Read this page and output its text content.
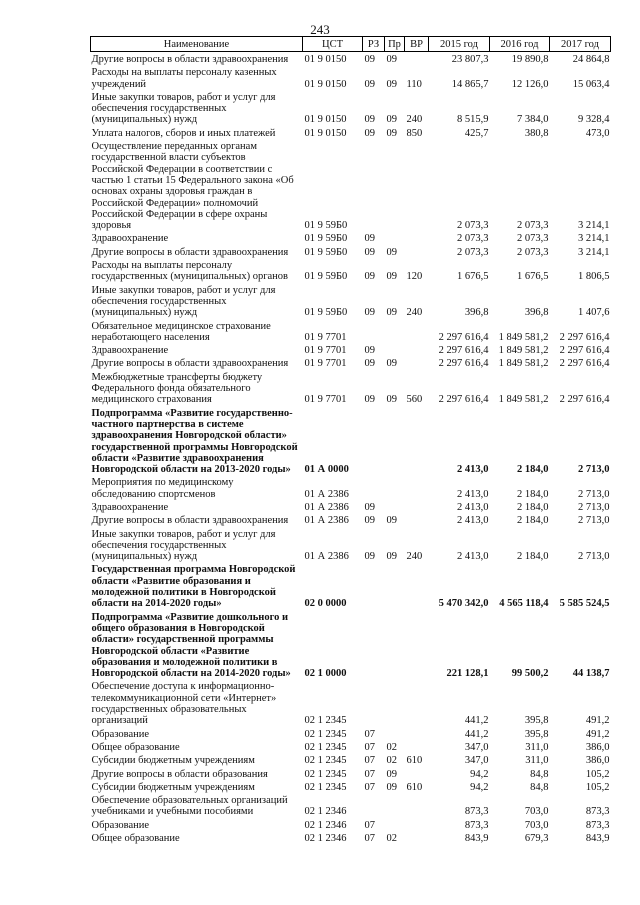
243
Наименование	ЦСТ	РЗ	Пр	ВР	2015 год	2016 год	2017 год
Другие вопросы в области здравоохранения	01 9 0150	09	09		23 807,3	19 890,8	24 864,8
Расходы на выплаты персоналу казенных учреждений	01 9 0150	09	09	110	14 865,7	12 126,0	15 063,4
Иные закупки товаров, работ и услуг для обеспечения государственных (муниципальных) нужд	01 9 0150	09	09	240	8 515,9	7 384,0	9 328,4
Уплата налогов, сборов и иных платежей	01 9 0150	09	09	850	425,7	380,8	473,0
Осуществление переданных органам государственной власти субъектов Российской Федерации в соответствии с частью 1 статьи 15 Федерального закона «Об основах охраны здоровья граждан в Российской Федерации» полномочий Российской Федерации в сфере охраны здоровья	01 9 59Б0				2 073,3	2 073,3	3 214,1
Здравоохранение	01 9 59Б0	09			2 073,3	2 073,3	3 214,1
Другие вопросы в области здравоохранения	01 9 59Б0	09	09		2 073,3	2 073,3	3 214,1
Расходы на выплаты персоналу государственных (муниципальных) органов	01 9 59Б0	09	09	120	1 676,5	1 676,5	1 806,5
Иные закупки товаров, работ и услуг для обеспечения государственных (муниципальных) нужд	01 9 59Б0	09	09	240	396,8	396,8	1 407,6
Обязательное медицинское страхование неработающего населения	01 9 7701				2 297 616,4	1 849 581,2	2 297 616,4
Здравоохранение	01 9 7701	09			2 297 616,4	1 849 581,2	2 297 616,4
Другие вопросы в области здравоохранения	01 9 7701	09	09		2 297 616,4	1 849 581,2	2 297 616,4
Межбюджетные трансферты бюджету Федерального фонда обязательного медицинского страхования	01 9 7701	09	09	560	2 297 616,4	1 849 581,2	2 297 616,4
Подпрограмма «Развитие государственно-частного партнерства в системе здравоохранения Новгородской области» государственной программы Новгородской области «Развитие здравоохранения Новгородской области на 2013-2020 годы»	01 А 0000				2 413,0	2 184,0	2 713,0
Мероприятия по медицинскому обследованию спортсменов	01 А 2386				2 413,0	2 184,0	2 713,0
Здравоохранение	01 А 2386	09			2 413,0	2 184,0	2 713,0
Другие вопросы в области здравоохранения	01 А 2386	09	09		2 413,0	2 184,0	2 713,0
Иные закупки товаров, работ и услуг для обеспечения государственных (муниципальных) нужд	01 А 2386	09	09	240	2 413,0	2 184,0	2 713,0
Государственная программа Новгородской области «Развитие образования и молодежной политики в Новгородской области на 2014-2020 годы»	02 0 0000				5 470 342,0	4 565 118,4	5 585 524,5
Подпрограмма «Развитие дошкольного и общего образования в Новгородской области» государственной программы Новгородской области «Развитие образования и молодежной политики в Новгородской области на 2014-2020 годы»	02 1 0000				221 128,1	99 500,2	44 138,7
Обеспечение доступа к информационно-телекоммуникационной сети «Интернет» государственных образовательных организаций	02 1 2345				441,2	395,8	491,2
Образование	02 1 2345	07			441,2	395,8	491,2
Общее образование	02 1 2345	07	02		347,0	311,0	386,0
Субсидии бюджетным учреждениям	02 1 2345	07	02	610	347,0	311,0	386,0
Другие вопросы в области образования	02 1 2345	07	09		94,2	84,8	105,2
Субсидии бюджетным учреждениям	02 1 2345	07	09	610	94,2	84,8	105,2
Обеспечение образовательных организаций учебниками и учебными пособиями	02 1 2346				873,3	703,0	873,3
Образование	02 1 2346	07			873,3	703,0	873,3
Общее образование	02 1 2346	07	02		843,9	679,3	843,9
